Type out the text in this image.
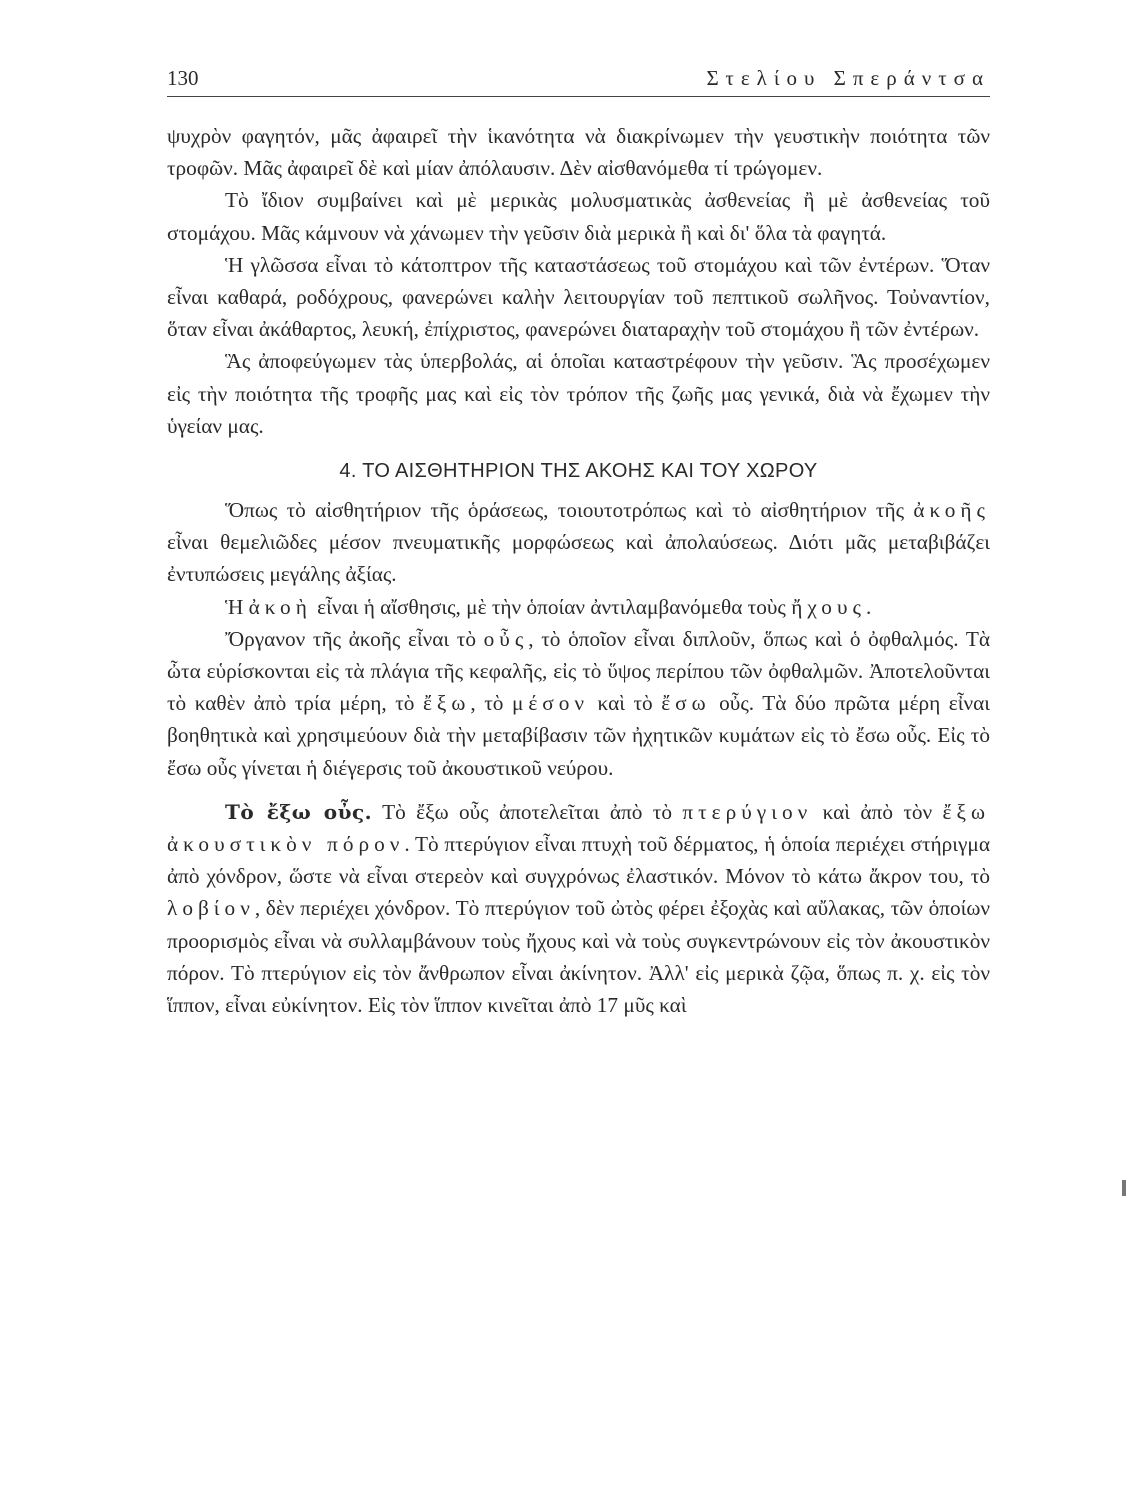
130	Στελίου Σπεράντσα

ψυχρὸν φαγητόν, μᾶς ἀφαιρεῖ τὴν ἱκανότητα νὰ διακρίνωμεν τὴν γευστικὴν ποιότητα τῶν τροφῶν. Μᾶς ἀφαιρεῖ δὲ καὶ μίαν ἀπόλαυσιν. Δὲν αἰσθανόμεθα τί τρώγομεν.

Τὸ ἴδιον συμβαίνει καὶ μὲ μερικὰς μολυσματικὰς ἀσθενείας ἢ μὲ ἀσθενείας τοῦ στομάχου. Μᾶς κάμνουν νὰ χάνωμεν τὴν γεῦσιν διὰ μερικὰ ἢ καὶ δι' ὅλα τὰ φαγητά.

Ἡ γλῶσσα εἶναι τὸ κάτοπτρον τῆς καταστάσεως τοῦ στομάχου καὶ τῶν ἐντέρων. Ὅταν εἶναι καθαρά, ροδόχρους, φανερώνει καλὴν λειτουργίαν τοῦ πεπτικοῦ σωλῆνος. Τοὐναντίον, ὅταν εἶναι ἀκάθαρτος, λευκή, ἐπίχριστος, φανερώνει διαταραχὴν τοῦ στομάχου ἢ τῶν ἐντέρων.

Ἃς ἀποφεύγωμεν τὰς ὑπερβολάς, αἱ ὁποῖαι καταστρέφουν τὴν γεῦσιν. Ἃς προσέχωμεν εἰς τὴν ποιότητα τῆς τροφῆς μας καὶ εἰς τὸν τρόπον τῆς ζωῆς μας γενικά, διὰ νὰ ἔχωμεν τὴν ὑγείαν μας.

4. ΤΟ ΑΙΣΘΗΤΗΡΙΟΝ ΤΗΣ ΑΚΟΗΣ ΚΑΙ ΤΟΥ ΧΩΡΟΥ

Ὅπως τὸ αἰσθητήριον τῆς ὁράσεως, τοιουτοτρόπως καὶ τὸ αἰσθητήριον τῆς ἀκοῆς εἶναι θεμελιῶδες μέσον πνευματικῆς μορφώσεως καὶ ἀπολαύσεως. Διότι μᾶς μεταβιβάζει ἐντυπώσεις μεγάλης ἀξίας.

Ἡ ἀκοὴ εἶναι ἡ αἴσθησις, μὲ τὴν ὁποίαν ἀντιλαμβανόμεθα τοὺς ἤχους.

Ὄργανον τῆς ἀκοῆς εἶναι τὸ οὖς, τὸ ὁποῖον εἶναι διπλοῦν, ὅπως καὶ ὁ ὀφθαλμός. Τὰ ὦτα εὑρίσκονται εἰς τὰ πλάγια τῆς κεφαλῆς, εἰς τὸ ὕψος περίπου τῶν ὀφθαλμῶν. Ἀποτελοῦνται τὸ καθὲν ἀπὸ τρία μέρη, τὸ ἔξω, τὸ μέσον καὶ τὸ ἔσω οὖς. Τὰ δύο πρῶτα μέρη εἶναι βοηθητικὰ καὶ χρησιμεύουν διὰ τὴν μεταβίβασιν τῶν ἠχητικῶν κυμάτων εἰς τὸ ἔσω οὖς. Εἰς τὸ ἔσω οὖς γίνεται ἡ διέγερσις τοῦ ἀκουστικοῦ νεύρου.

Τὸ ἔξω οὖς. Τὸ ἔξω οὖς ἀποτελεῖται ἀπὸ τὸ πτερύγιον καὶ ἀπὸ τὸν ἔξω ἀκουστικὸν πόρον. Τὸ πτερύγιον εἶναι πτυχὴ τοῦ δέρματος, ἡ ὁποία περιέχει στήριγμα ἀπὸ χόνδρον, ὥστε νὰ εἶναι στερεὸν καὶ συγχρόνως ἐλαστικόν. Μόνον τὸ κάτω ἄκρον του, τὸ λοβίον, δὲν περιέχει χόνδρον. Τὸ πτερύγιον τοῦ ὠτὸς φέρει ἐξοχὰς καὶ αὔλακας, τῶν ὁποίων προορισμὸς εἶναι νὰ συλλαμβάνουν τοὺς ἤχους καὶ νὰ τοὺς συγκεντρώνουν εἰς τὸν ἀκουστικὸν πόρον. Τὸ πτερύγιον εἰς τὸν ἄνθρωπον εἶναι ἀκίνητον. Ἀλλ' εἰς μερικὰ ζῷα, ὅπως π. χ. εἰς τὸν ἵππον, εἶναι εὐκίνητον. Εἰς τὸν ἵππον κινεῖται ἀπὸ 17 μῦς καὶ
